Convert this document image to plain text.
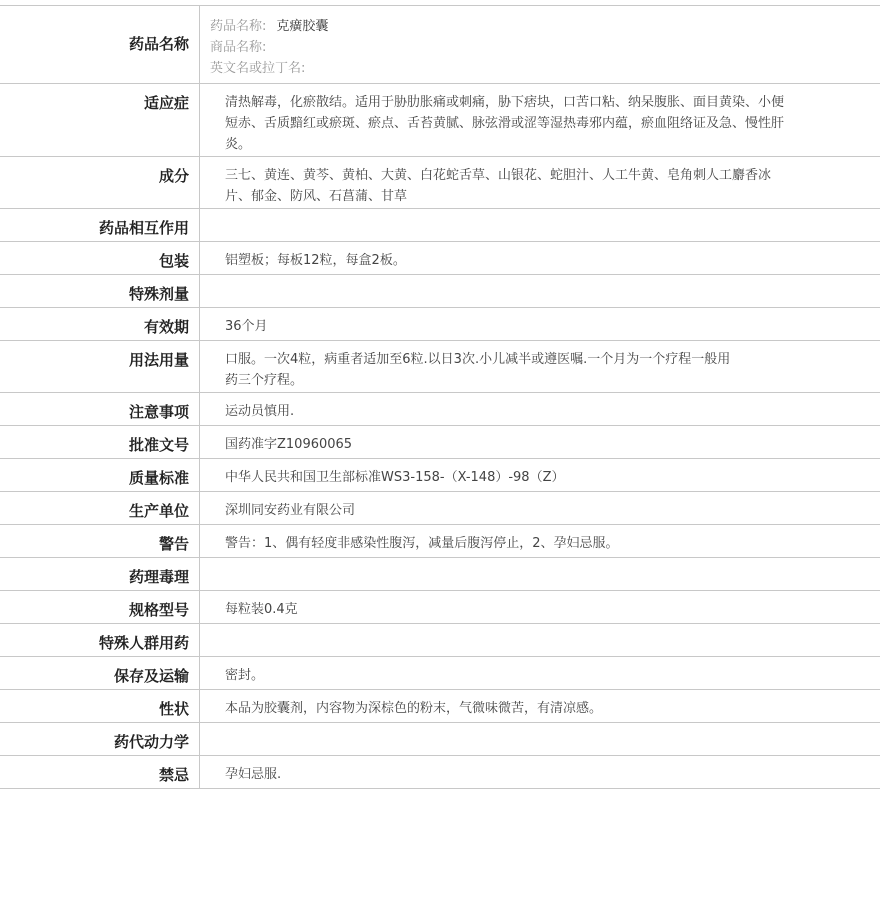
药品名称
药品名称: 克癀胶囊
商品名称:
英文名或拉丁名:
适应症	清热解毒，化瘀散结。适用于胁肋胀痛或刺痛，胁下痞块，口苦口粘、纳呆腹胀、面目黄染、小便短赤、舌质黯红或瘀斑、瘀点、舌苔黄腻、脉弦滑或涩等湿热毒邪内蕴，瘀血阻络证及急、慢性肝炎。
成分	三七、黄连、黄芩、黄柏、大黄、白花蛇舌草、山银花、蛇胆汁、人工牛黄、皂角刺人工麝香冰片、郁金、防风、石菖蒲、甘草
药品相互作用
包装	铝塑板；每板12粒，每盒2板。
特殊剂量
有效期	36个月
用法用量	口服。一次4粒，病重者适加至6粒.以日3次.小儿减半或遵医嘱.一个月为一个疗程一般用药三个疗程。
注意事项	运动员慎用.
批准文号	国药准字Z10960065
质量标准	中华人民共和国卫生部标准WS3-158-（X-148）-98（Z）
生产单位	深圳同安药业有限公司
警告	警告：1、偶有轻度非感染性腹泻，减量后腹泻停止，2、孕妇忌服。
药理毒理
规格型号	每粒装0.4克
特殊人群用药
保存及运输	密封。
性状	本品为胶囊剂，内容物为深棕色的粉末，气微味微苦，有清凉感。
药代动力学
禁忌	孕妇忌服.
